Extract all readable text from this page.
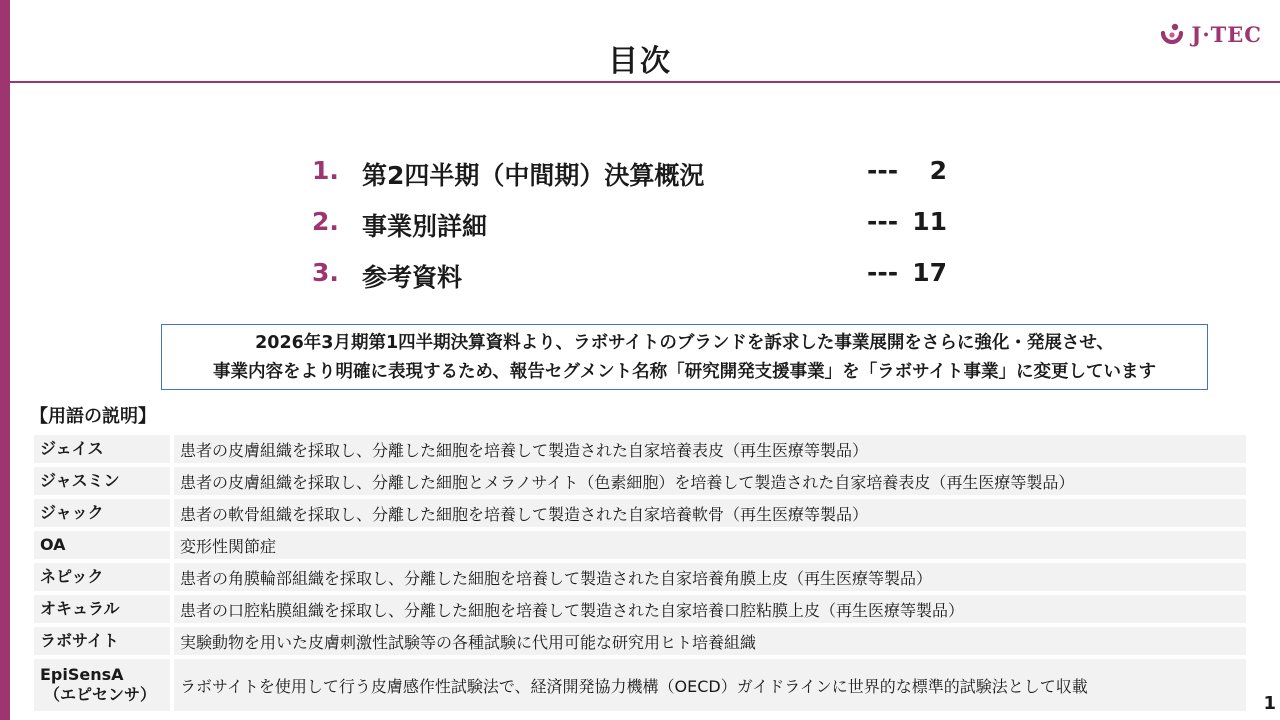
目次
J·TEC
1. 第2四半期（中間期）決算概況	--- 2
2. 事業別詳細	--- 11
3. 参考資料	--- 17
2026年3月期第1四半期決算資料より、ラボサイトのブランドを訴求した事業展開をさらに強化・発展させ、
事業内容をより明確に表現するため、報告セグメント名称「研究開発支援事業」を「ラボサイト事業」に変更しています
【用語の説明】
ジェイス	患者の皮膚組織を採取し、分離した細胞を培養して製造された自家培養表皮（再生医療等製品）
ジャスミン	患者の皮膚組織を採取し、分離した細胞とメラノサイト（色素細胞）を培養して製造された自家培養表皮（再生医療等製品）
ジャック	患者の軟骨組織を採取し、分離した細胞を培養して製造された自家培養軟骨（再生医療等製品）
OA	変形性関節症
ネピック	患者の角膜輪部組織を採取し、分離した細胞を培養して製造された自家培養角膜上皮（再生医療等製品）
オキュラル	患者の口腔粘膜組織を採取し、分離した細胞を培養して製造された自家培養口腔粘膜上皮（再生医療等製品）
ラボサイト	実験動物を用いた皮膚刺激性試験等の各種試験に代用可能な研究用ヒト培養組織
EpiSensA
（エピセンサ）	ラボサイトを使用して行う皮膚感作性試験法で、経済開発協力機構（OECD）ガイドラインに世界的な標準的試験法として収載
1
